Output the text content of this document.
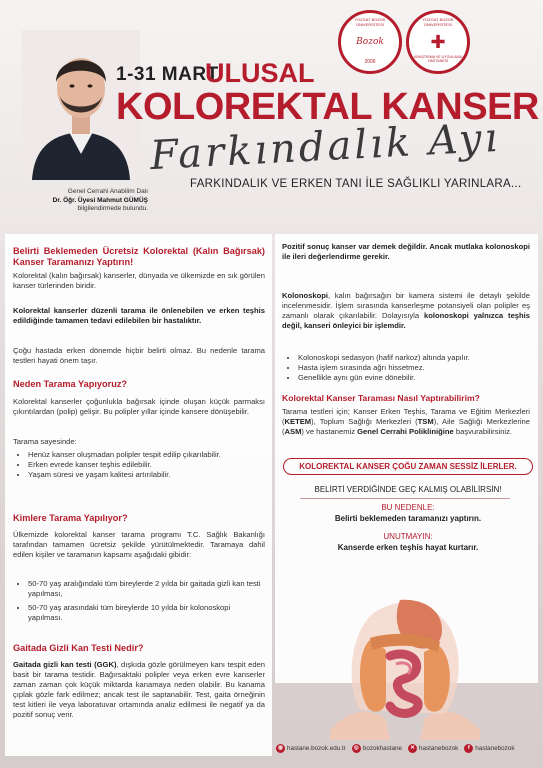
Bozok
YOZGAT BOZOK ÜNİVERSİTESİ
2006
✚
YOZGAT BOZOK ÜNİVERSİTESİ
ARAŞTIRMA VE UYGULAMA HASTANESİ
Genel Cerrahi Anabilim Dalı
Dr. Öğr. Üyesi Mahmut GÜMÜŞ
bilgilendirmede bulundu.
1-31 MART
ULUSAL
KOLOREKTAL KANSER
Farkındalık Ayı
FARKINDALIK VE ERKEN TANI İLE SAĞLIKLI YARINLARA...
Belirti Beklemeden Ücretsiz Kolorektal (Kalın Bağırsak) Kanser Taramanızı Yaptırın!
Kolorektal (kalın bağırsak) kanserler, dünyada ve ülkemizde en sık görülen kanser türlerinden biridir.
Kolorektal kanserler düzenli tarama ile önlenebilen ve erken teşhis edildiğinde tamamen tedavi edilebilen bir hastalıktır.
Çoğu hastada erken dönemde hiçbir belirti olmaz. Bu nedenle tarama testleri hayati önem taşır.
Neden Tarama Yapıyoruz?
Kolorektal kanserler çoğunlukla bağırsak içinde oluşan küçük parmaksı çıkıntılardan (polip) gelişir. Bu polipler yıllar içinde kansere dönüşebilir.
Tarama sayesinde:
• Henüz kanser oluşmadan polipler tespit edilip çıkarılabilir.
• Erken evrede kanser teşhis edilebilir.
• Yaşam süresi ve yaşam kalitesi artırılabilir.
Kimlere Tarama Yapılıyor?
Ülkemizde kolorektal kanser tarama programı T.C. Sağlık Bakanlığı tarafından tamamen ücretsiz şekilde yürütülmektedir. Taramaya dahil edilen kişiler ve taramanın kapsamı aşağıdaki gibidir:
• 50-70 yaş aralığındaki tüm bireylerde 2 yılda bir gaitada gizli kan testi yapılması,
• 50-70 yaş arasındaki tüm bireylerde 10 yılda bir kolonoskopi yapılması.
Gaitada Gizli Kan Testi Nedir?
Gaitada gizli kan testi (GGK), dışkıda gözle görülmeyen kanı tespit eden basit bir tarama testidir. Bağırsaktaki polipler veya erken evre kanserler zaman zaman çok küçük miktarda kanamaya neden olabilir. Bu kanama çıplak gözle fark edilmez; ancak test ile saptanabilir. Test, gaita örneğinin test kitleri ile veya laboratuvar ortamında analiz edilmesi ile negatif ya da pozitif sonuç verir.
Pozitif sonuç kanser var demek değildir. Ancak mutlaka kolonoskopi ile ileri değerlendirme gerekir.
Kolonoskopi, kalın bağırsağın bir kamera sistemi ile detaylı şekilde incelenmesidir. İşlem sırasında kanserleşme potansiyeli olan polipler eş zamanlı olarak çıkarılabilir. Dolayısıyla kolonoskopi yalnızca teşhis değil, kanseri önleyici bir işlemdir.
• Kolonoskopi sedasyon (hafif narkoz) altında yapılır.
• Hasta işlem sırasında ağrı hissetmez.
• Genellikle aynı gün evine dönebilir.
Kolorektal Kanser Taraması Nasıl Yaptırabilirim?
Tarama testleri için; Kanser Erken Teşhis, Tarama ve Eğitim Merkezleri (KETEM), Toplum Sağlığı Merkezleri (TSM), Aile Sağlığı Merkezlerine (ASM) ve hastanemiz Genel Cerrahi Polikliniğine başvurabilirsiniz.
KOLOREKTAL KANSER ÇOĞU ZAMAN SESSİZ İLERLER.
BELİRTİ VERDİĞİNDE GEÇ KALMIŞ OLABİLİRSİN!
BU NEDENLE:
Belirti beklemeden taramanızı yaptırın.
UNUTMAYIN:
Kanserde erken teşhis hayat kurtarır.
◍ hastane.bozok.edu.tr	◎ bozokhastane	✕ hastanebozok	f hastanebozok
